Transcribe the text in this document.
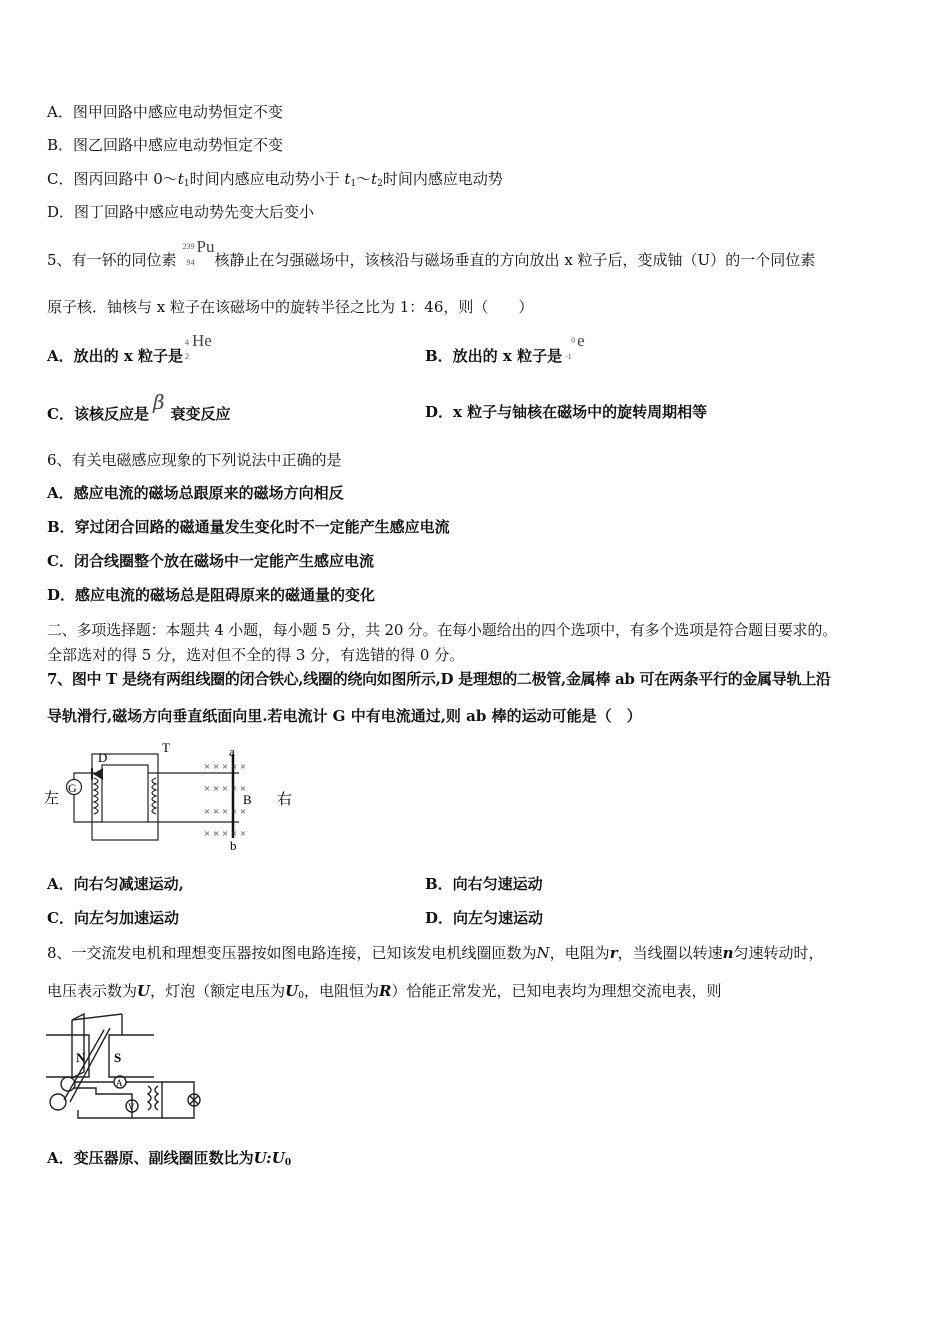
A．图甲回路中感应电动势恒定不变
B．图乙回路中感应电动势恒定不变
C．图丙回路中 $0\sim t_1$时间内感应电动势小于 $t_1\sim t_2$时间内感应电动势
D．图丁回路中感应电动势先变大后变小
5、有一钚的同位素
239
94
Pu
核静止在匀强磁场中，该核沿与磁场垂直的方向放出 x 粒子后，变成铀（U）的一个同位素
原子核．铀核与 x 粒子在该磁场中的旋转半径之比为 1：46，则（　　）
A．放出的 x 粒子是
4
2
He
B．放出的 x 粒子是
0
-1
e
C．该核反应是 β 衰变反应	D．x 粒子与铀核在磁场中的旋转周期相等
6、有关电磁感应现象的下列说法中正确的是
A．感应电流的磁场总跟原来的磁场方向相反
B．穿过闭合回路的磁通量发生变化时不一定能产生感应电流
C．闭合线圈整个放在磁场中一定能产生感应电流
D．感应电流的磁场总是阻碍原来的磁通量的变化
二、多项选择题：本题共 4 小题，每小题 5 分，共 20 分。在每小题给出的四个选项中，有多个选项是符合题目要求的。
全部选对的得 5 分，选对但不全的得 3 分，有选错的得 0 分。
7、图中 T 是绕有两组线圈的闭合铁心,线圈的绕向如图所示,D 是理想的二极管,金属棒 ab 可在两条平行的金属导轨上沿
导轨滑行,磁场方向垂直纸面向里.若电流计 G 中有电流通过,则 ab 棒的运动可能是（　）
× × × × ×
× × × × ×
× × × × ×
× × × × ×
D
T	a
b
B
左
G
右
A．向右匀减速运动,	B．向右匀速运动
C．向左匀加速运动	D．向左匀速运动
8、一交流发电机和理想变压器按如图电路连接，已知该发电机线圈匝数为N，电阻为r，当线圈以转速n匀速转动时，
电压表示数为U，灯泡（额定电压为$U_0$，电阻恒为R）恰能正常发光，已知电表均为理想交流电表，则
N S
A
V
A．变压器原、副线圈匝数比为$U:U_0$
